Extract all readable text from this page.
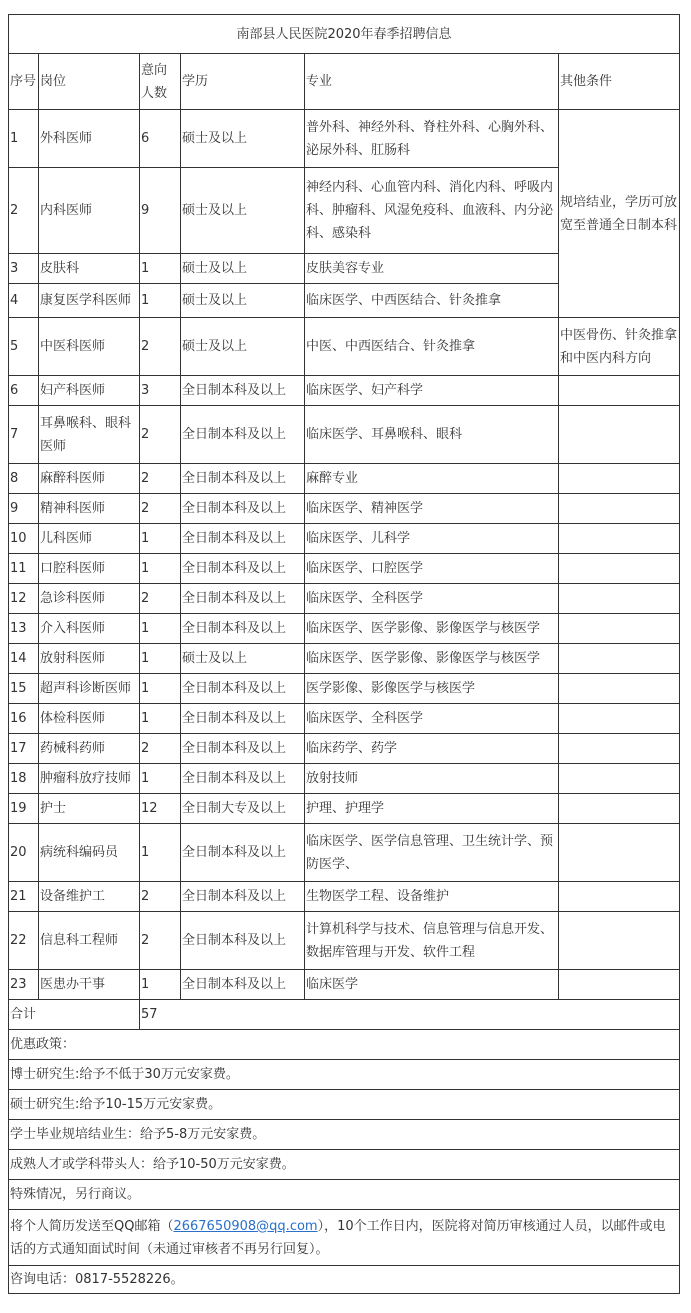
南部县人民医院2020年春季招聘信息					
序号	岗位	意向人数	学历	专业	其他条件
1	外科医师	6	硕士及以上	普外科、神经外科、脊柱外科、心胸外科、泌尿外科、肛肠科	规培结业，学历可放宽至普通全日制本科
2	内科医师	9	硕士及以上	神经内科、心血管内科、消化内科、呼吸内科、肿瘤科、风湿免疫科、血液科、内分泌科、感染科	
3	皮肤科	1	硕士及以上	皮肤美容专业	
4	康复医学科医师	1	硕士及以上	临床医学、中西医结合、针灸推拿	
5	中医科医师	2	硕士及以上	中医、中西医结合、针灸推拿	中医骨伤、针灸推拿和中医内科方向
6	妇产科医师	3	全日制本科及以上	临床医学、妇产科学	
7	耳鼻喉科、眼科医师	2	全日制本科及以上	临床医学、耳鼻喉科、眼科	
8	麻醉科医师	2	全日制本科及以上	麻醉专业	
9	精神科医师	2	全日制本科及以上	临床医学、精神医学	
10	儿科医师	1	全日制本科及以上	临床医学、儿科学	
11	口腔科医师	1	全日制本科及以上	临床医学、口腔医学	
12	急诊科医师	2	全日制本科及以上	临床医学、全科医学	
13	介入科医师	1	全日制本科及以上	临床医学、医学影像、影像医学与核医学	
14	放射科医师	1	硕士及以上	临床医学、医学影像、影像医学与核医学	
15	超声科诊断医师	1	全日制本科及以上	医学影像、影像医学与核医学	
16	体检科医师	1	全日制本科及以上	临床医学、全科医学	
17	药械科药师	2	全日制本科及以上	临床药学、药学	
18	肿瘤科放疗技师	1	全日制本科及以上	放射技师	
19	护士	12	全日制大专及以上	护理、护理学	
20	病统科编码员	1	全日制本科及以上	临床医学、医学信息管理、卫生统计学、预防医学、	
21	设备维护工	2	全日制本科及以上	生物医学工程、设备维护	
22	信息科工程师	2	全日制本科及以上	计算机科学与技术、信息管理与信息开发、数据库管理与开发、软件工程	
23	医患办干事	1	全日制本科及以上	临床医学	
合计		57			
优惠政策：					
博士研究生:给予不低于30万元安家费。					
硕士研究生:给予10-15万元安家费。					
学士毕业规培结业生：给予5-8万元安家费。					
成熟人才或学科带头人：给予10-50万元安家费。					
特殊情况，另行商议。					
将个人简历发送至QQ邮箱（2667650908@qq.com），10个工作日内，医院将对简历审核通过人员，以邮件或电话的方式通知面试时间（未通过审核者不再另行回复）。					
咨询电话：0817-5528226。					
